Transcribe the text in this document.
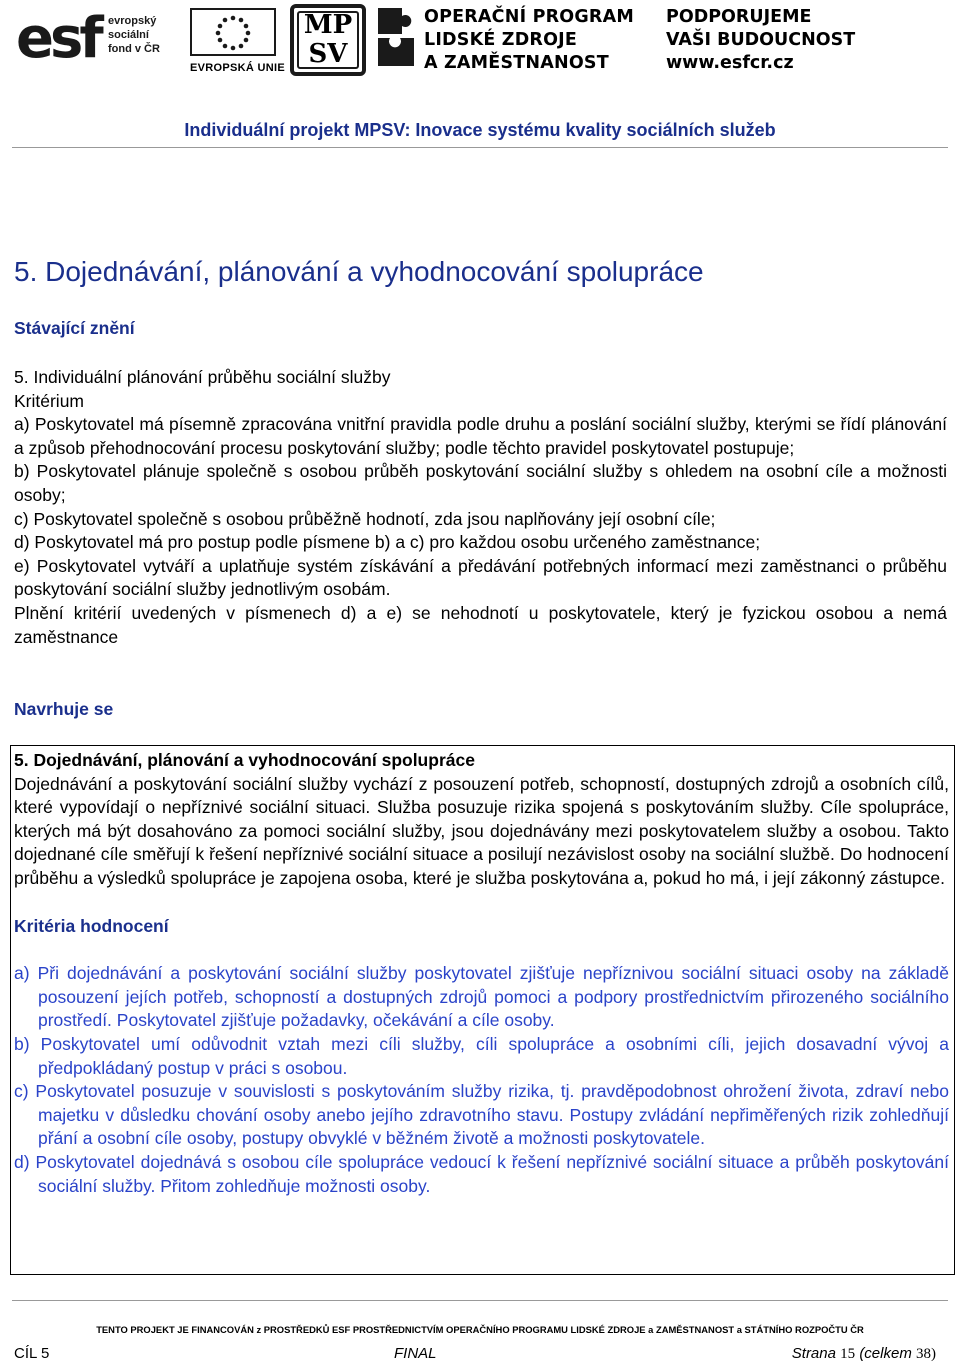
esf evropský
sociální
fond v ČR
EVROPSKÁ UNIE
MP
SV
OPERAČNÍ PROGRAM
LIDSKÉ ZDROJE
A ZAMĚSTNANOST
PODPORUJEME
VAŠI BUDOUCNOST
www.esfcr.cz
Individuální projekt MPSV: Inovace systému kvality sociálních služeb
5. Dojednávání, plánování a vyhodnocování spolupráce
Stávající znění

5. Individuální plánování průběhu sociální služby

Kritérium

a) Poskytovatel má písemně zpracována vnitřní pravidla podle druhu a poslání sociální služby, kterými se řídí plánování a způsob přehodnocování procesu poskytování služby; podle těchto pravidel poskytovatel postupuje;

b) Poskytovatel plánuje společně s osobou průběh poskytování sociální služby s ohledem na osobní cíle a možnosti osoby;

c) Poskytovatel společně s osobou průběžně hodnotí, zda jsou naplňovány její osobní cíle;

d) Poskytovatel má pro postup podle písmene b) a c) pro každou osobu určeného zaměstnance;

e) Poskytovatel vytváří a uplatňuje systém získávání a předávání potřebných informací mezi zaměstnanci o průběhu poskytování sociální služby jednotlivým osobám.

Plnění kritérií uvedených v písmenech d) a e) se nehodnotí u poskytovatele, který je fyzickou osobou a nemá zaměstnance

Navrhuje se

5. Dojednávání, plánování a vyhodnocování spolupráce

Dojednávání a poskytování sociální služby vychází z posouzení potřeb, schopností, dostupných zdrojů a osobních cílů, které vypovídají o nepříznivé sociální situaci. Služba posuzuje rizika spojená s poskytováním služby. Cíle spolupráce, kterých má být dosahováno za pomoci sociální služby, jsou dojednávány mezi poskytovatelem služby a osobou. Takto dojednané cíle směřují k řešení nepříznivé sociální situace a posilují nezávislost osoby na sociální službě. Do hodnocení průběhu a výsledků spolupráce je zapojena osoba, které je služba poskytována a, pokud ho má, i její zákonný zástupce.

Kritéria hodnocení

a) Při dojednávání a poskytování sociální služby poskytovatel zjišťuje nepříznivou sociální situaci osoby na základě posouzení jejích potřeb, schopností a dostupných zdrojů pomoci a podpory prostřednictvím přirozeného sociálního prostředí. Poskytovatel zjišťuje požadavky, očekávání a cíle osoby.
b) Poskytovatel umí odůvodnit vztah mezi cíli služby, cíli spolupráce a osobními cíli, jejich dosavadní vývoj a předpokládaný postup v práci s osobou.
c) Poskytovatel posuzuje v souvislosti s poskytováním služby rizika, tj. pravděpodobnost ohrožení života, zdraví nebo majetku v důsledku chování osoby anebo jejího zdravotního stavu. Postupy zvládání nepřiměřených rizik zohledňují přání a osobní cíle osoby, postupy obvyklé v běžném životě a možnosti poskytovatele.
d) Poskytovatel dojednává s osobou cíle spolupráce vedoucí k řešení nepříznivé sociální situace a průběh poskytování sociální služby. Přitom zohledňuje možnosti osoby.
TENTO PROJEKT JE FINANCOVÁN z PROSTŘEDKŮ ESF PROSTŘEDNICTVÍM OPERAČNÍHO PROGRAMU LIDSKÉ ZDROJE a ZAMĚSTNANOST a STÁTNÍHO ROZPOČTU ČR
CÍL 5	FINAL	Strana 15 (celkem 38)
